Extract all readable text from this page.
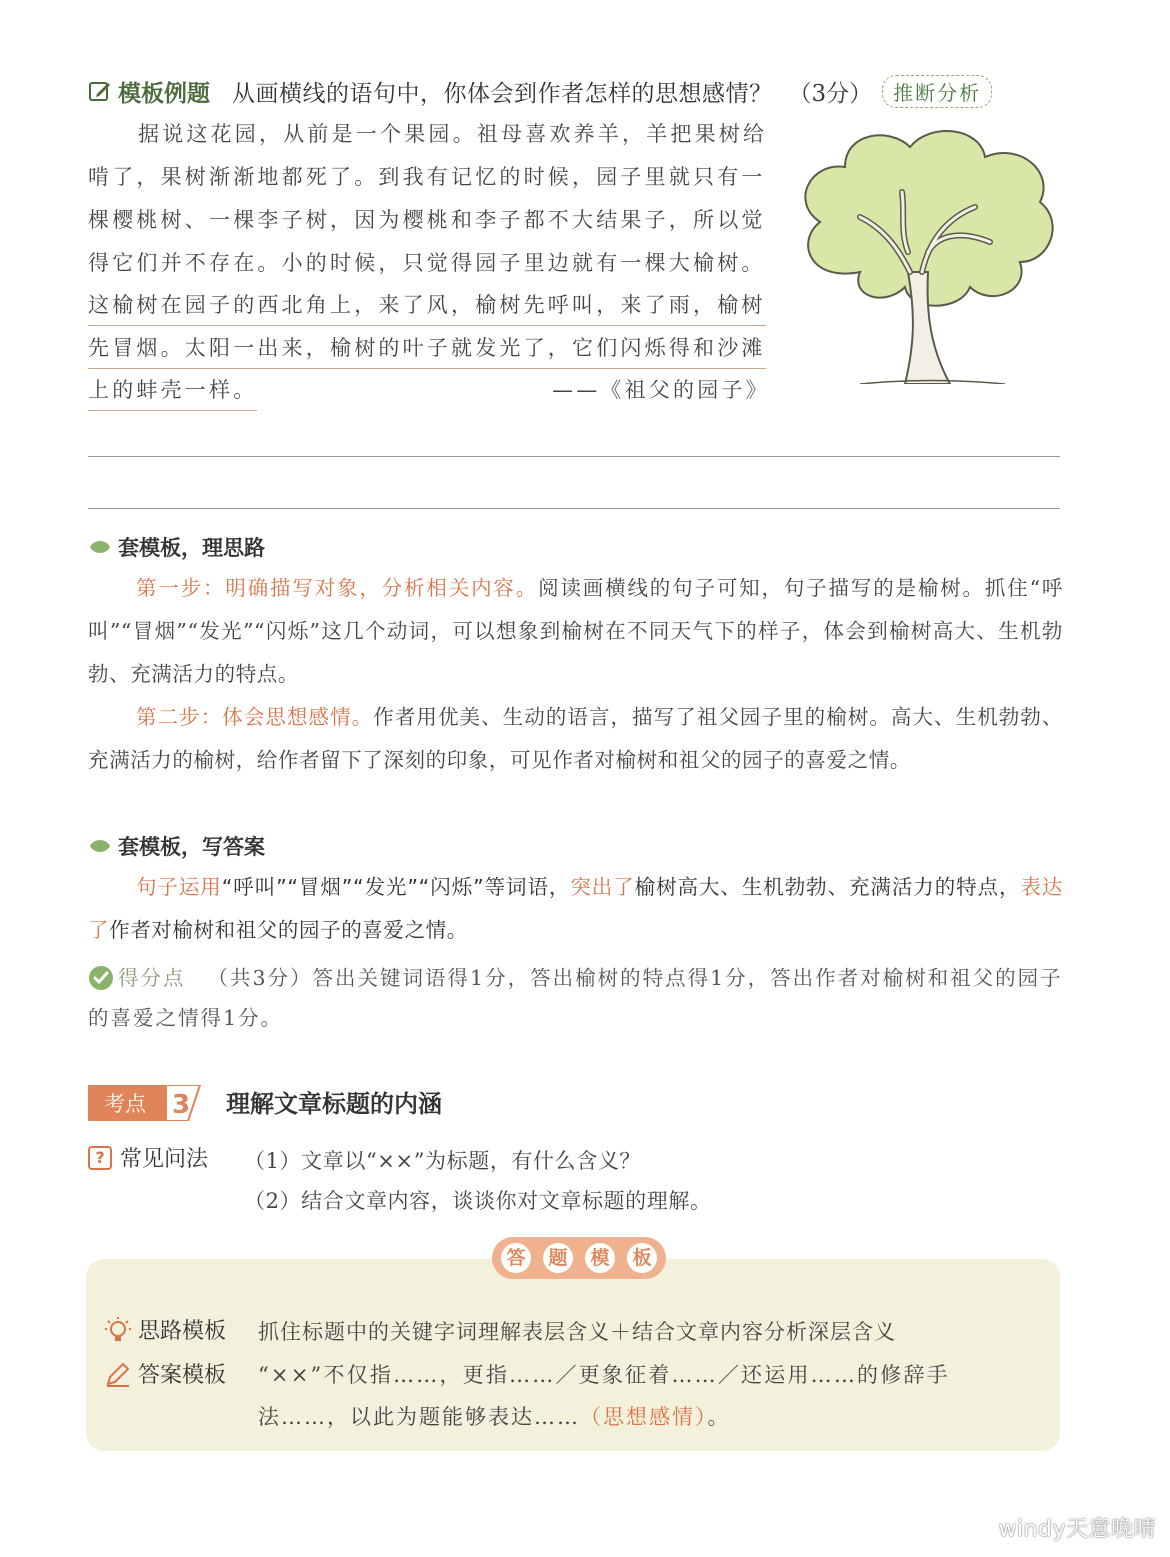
模板例题 从画横线的语句中，你体会到作者怎样的思想感情？ （3分）	推断分析
据说这花园，从前是一个果园。祖母喜欢养羊，羊把果树给
啃了，果树渐渐地都死了。到我有记忆的时候，园子里就只有一
棵樱桃树、一棵李子树，因为樱桃和李子都不大结果子，所以觉
得它们并不存在。小的时候，只觉得园子里边就有一棵大榆树。
这榆树在园子的西北角上，来了风，榆树先呼叫，来了雨，榆树
先冒烟。太阳一出来，榆树的叶子就发光了，它们闪烁得和沙滩
上的蚌壳一样。	——《祖父的园子》
套模板，理思路
第一步：明确描写对象，分析相关内容。阅读画横线的句子可知，句子描写的是榆树。抓住“呼叫”“冒烟”“发光”“闪烁”这几个动词，可以想象到榆树在不同天气下的样子，体会到榆树高大、生机勃勃、充满活力的特点。
第二步：体会思想感情。作者用优美、生动的语言，描写了祖父园子里的榆树。高大、生机勃勃、充满活力的榆树，给作者留下了深刻的印象，可见作者对榆树和祖父的园子的喜爱之情。
套模板，写答案
句子运用“呼叫”“冒烟”“发光”“闪烁”等词语，突出了榆树高大、生机勃勃、充满活力的特点，表达了作者对榆树和祖父的园子的喜爱之情。
得分点 （共3分）答出关键词语得1分，答出榆树的特点得1分，答出作者对榆树和祖父的园子的喜爱之情得1分。
考点 3 理解文章标题的内涵
? 常见问法 （1）文章以“××”为标题，有什么含义？
（2）结合文章内容，谈谈你对文章标题的理解。
答 题 模 板
思路模板 抓住标题中的关键字词理解表层含义＋结合文章内容分析深层含义
答案模板 “××”不仅指……，更指……／更象征着……／还运用……的修辞手
法……，以此为题能够表达……（思想感情）。
windy天意晚晴
